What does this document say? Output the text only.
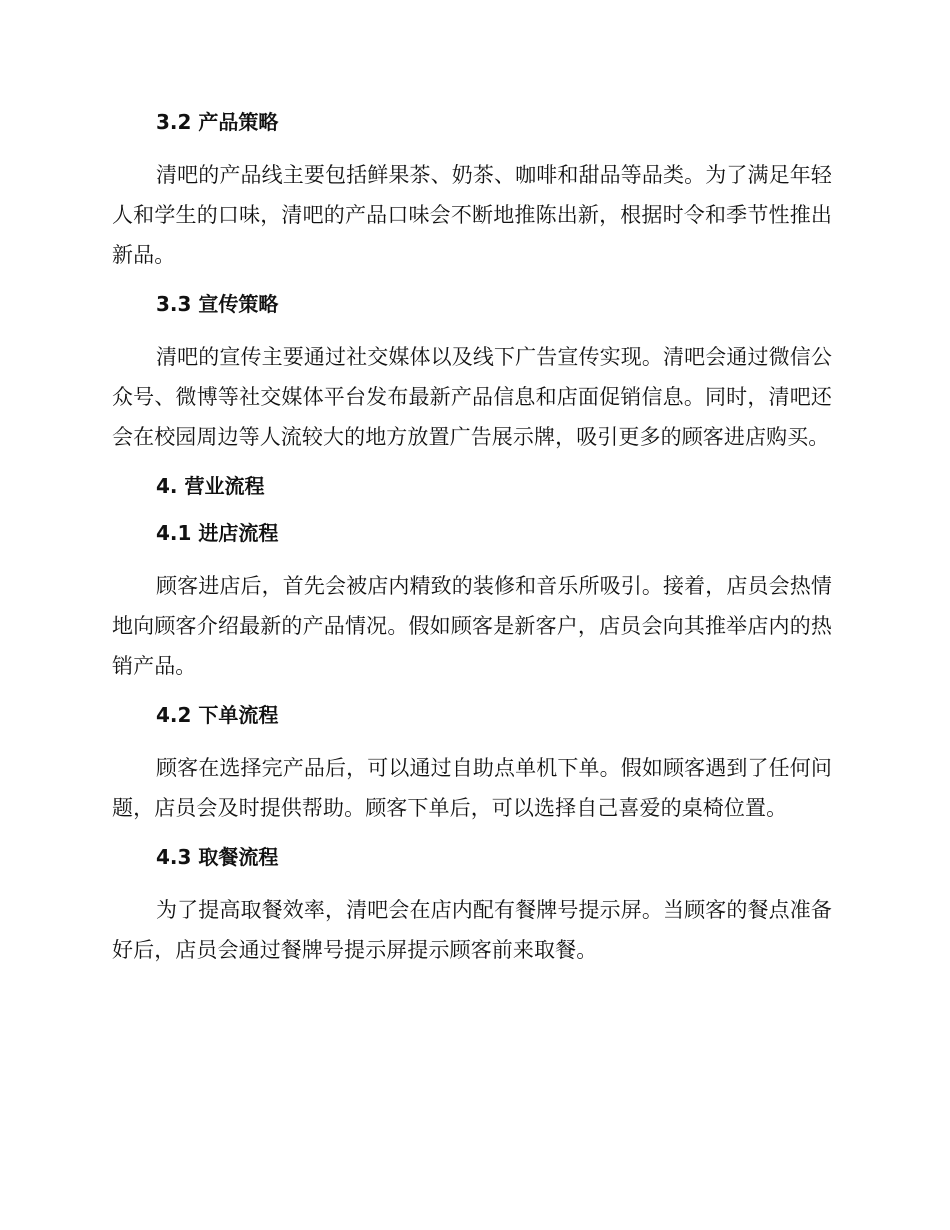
3.2 产品策略

清吧的产品线主要包括鲜果茶、奶茶、咖啡和甜品等品类。为了满足年轻人和学生的口味，清吧的产品口味会不断地推陈出新，根据时令和季节性推出新品。

3.3 宣传策略

清吧的宣传主要通过社交媒体以及线下广告宣传实现。清吧会通过微信公众号、微博等社交媒体平台发布最新产品信息和店面促销信息。同时，清吧还会在校园周边等人流较大的地方放置广告展示牌，吸引更多的顾客进店购买。

4. 营业流程
4.1 进店流程

顾客进店后，首先会被店内精致的装修和音乐所吸引。接着，店员会热情地向顾客介绍最新的产品情况。假如顾客是新客户，店员会向其推举店内的热销产品。

4.2 下单流程

顾客在选择完产品后，可以通过自助点单机下单。假如顾客遇到了任何问题，店员会及时提供帮助。顾客下单后，可以选择自己喜爱的桌椅位置。

4.3 取餐流程

为了提高取餐效率，清吧会在店内配有餐牌号提示屏。当顾客的餐点准备好后，店员会通过餐牌号提示屏提示顾客前来取餐。
